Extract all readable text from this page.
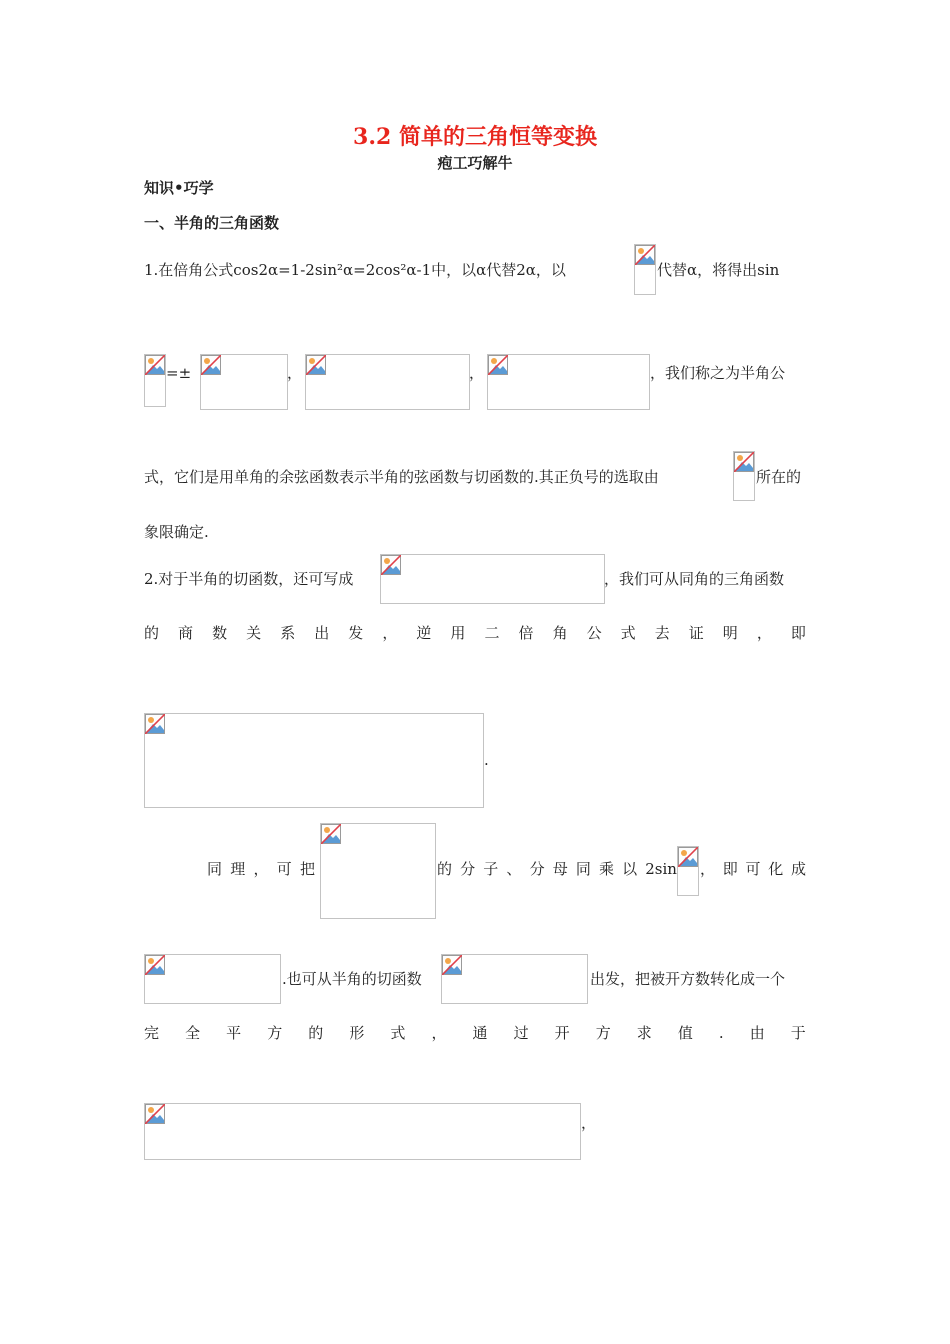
3.2 简单的三角恒等变换
疱工巧解牛
知识•巧学
一、半角的三角函数
1.在倍角公式cos2α=1-2sin²α=2cos²α-1中，以α代替2α，以	代替α，将得出sin
=±	，	，	，我们称之为半角公
式，它们是用单角的余弦函数表示半角的弦函数与切函数的.其正负号的选取由	所在的
象限确定.
2.对于半角的切函数，还可写成	，我们可从同角的三角函数
的 商 数 关 系 出 发 ， 逆 用 二 倍 角 公 式 去 证 明 ， 即
.
同 理 ， 可 把	的 分 子 、 分 母 同 乘 以 2sin ， 即 可 化 成
.也可从半角的切函数	出发，把被开方数转化成一个
完 全 平 方 的 形 式 ， 通 过 开 方 求 值 . 由 于
，
